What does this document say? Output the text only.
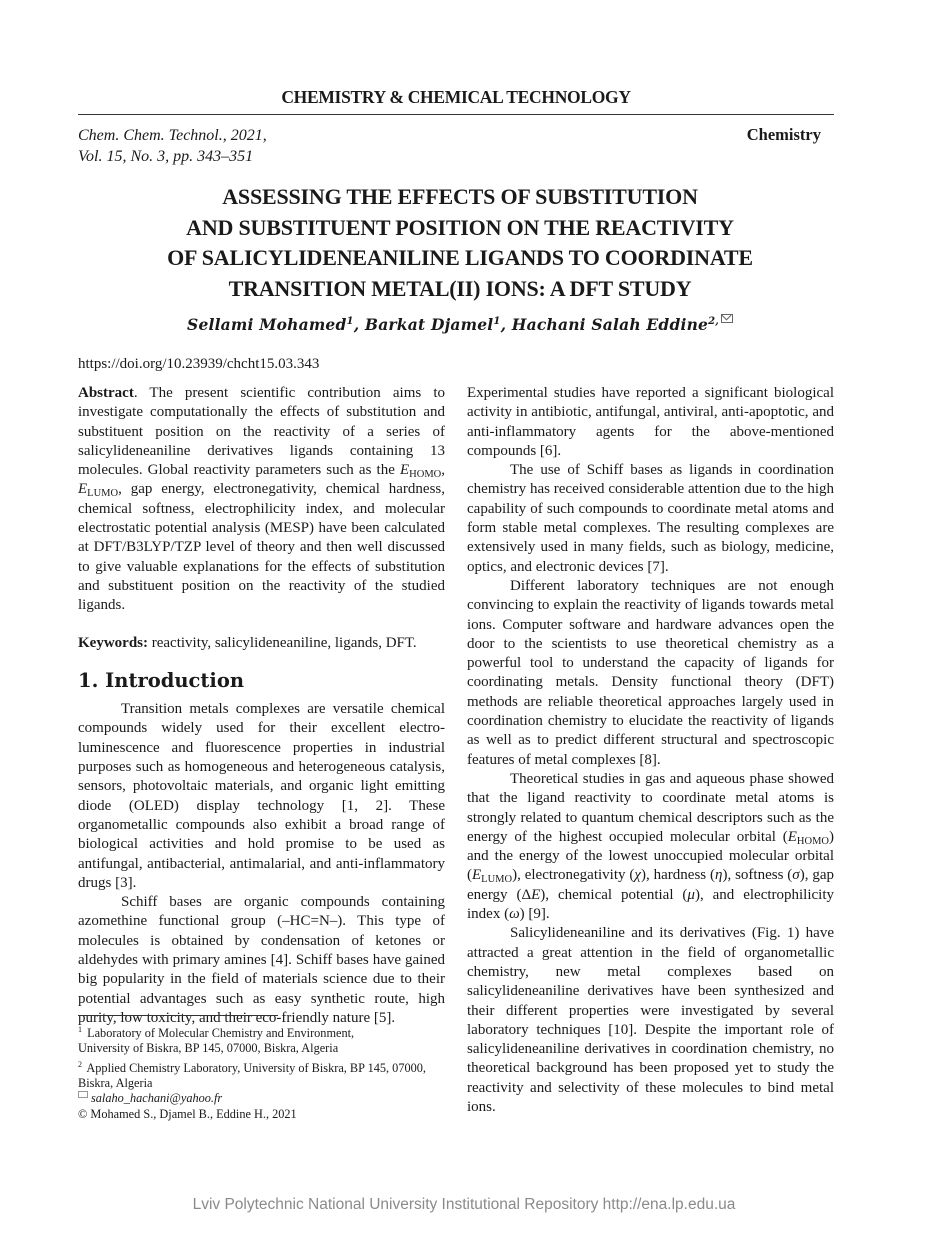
CHEMISTRY & CHEMICAL TECHNOLOGY
Chem. Chem. Technol., 2021,
Vol. 15, No. 3, pp. 343–351
Chemistry
ASSESSING THE EFFECTS OF SUBSTITUTION
AND SUBSTITUENT POSITION ON THE REACTIVITY
OF SALICYLIDENEANILINE LIGANDS TO COORDINATE
TRANSITION METAL(II) IONS: A DFT STUDY
Sellami Mohamed$^1$, Barkat Djamel$^1$, Hachani Salah Eddine$^{2,}$
https://doi.org/10.23939/chcht15.03.343

Abstract. The present scientific contribution aims to investigate computationally the effects of substitution and substituent position on the reactivity of a series of salicylideneaniline derivatives ligands containing 13 molecules. Global reactivity parameters such as the $E_{HOMO}$, $E_{LUMO}$, gap energy, electronegativity, chemical hardness, chemical softness, electrophilicity index, and molecular electrostatic potential analysis (MESP) have been calculated at DFT/B3LYP/TZP level of theory and then well discussed to give valuable explanations for the effects of substitution and substituent position on the reactivity of the studied ligands.

Keywords: reactivity, salicylideneaniline, ligands, DFT.

1. Introduction

Transition metals complexes are versatile chemical compounds widely used for their excellent electro-luminescence and fluorescence properties in industrial purposes such as homogeneous and heterogeneous catalysis, sensors, photovoltaic materials, and organic light emitting diode (OLED) display technology [1, 2]. These organometallic compounds also exhibit a broad range of biological activities and hold promise to be used as antifungal, antibacterial, antimalarial, and anti-inflammatory drugs [3].

Schiff bases are organic compounds containing azomethine functional group (–HC=N–). This type of molecules is obtained by condensation of ketones or aldehydes with primary amines [4]. Schiff bases have gained big popularity in the field of materials science due to their potential advantages such as easy synthetic route, high purity, low toxicity, and their eco-friendly nature [5].

$^1$ Laboratory of Molecular Chemistry and Environment,
University of Biskra, BP 145, 07000, Biskra, Algeria
$^2$ Applied Chemistry Laboratory, University of Biskra, BP 145, 07000,
Biskra, Algeria
salaho_hachani@yahoo.fr
© Mohamed S., Djamel B., Eddine H., 2021

Experimental studies have reported a significant biological activity in antibiotic, antifungal, antiviral, anti-apoptotic, and anti-inflammatory agents for the above-mentioned compounds [6].

The use of Schiff bases as ligands in coordination chemistry has received considerable attention due to the high capability of such compounds to coordinate metal atoms and form stable metal complexes. The resulting complexes are extensively used in many fields, such as biology, medicine, optics, and electronic devices [7].

Different laboratory techniques are not enough convincing to explain the reactivity of ligands towards metal ions. Computer software and hardware advances open the door to the scientists to use theoretical chemistry as a powerful tool to understand the capacity of ligands for coordinating metals. Density functional theory (DFT) methods are reliable theoretical approaches largely used in coordination chemistry to elucidate the reactivity of ligands as well as to predict different structural and spectroscopic features of metal complexes [8].

Theoretical studies in gas and aqueous phase showed that the ligand reactivity to coordinate metal atoms is strongly related to quantum chemical descriptors such as the energy of the highest occupied molecular orbital $(E_{HOMO})$ and the energy of the lowest unoccupied molecular orbital $(E_{LUMO})$, electronegativity (χ), hardness (η), softness (σ), gap energy (ΔE), chemical potential (μ), and electrophilicity index (ω) [9].

Salicylideneaniline and its derivatives (Fig. 1) have attracted a great attention in the field of organometallic chemistry, new metal complexes based on salicylideneaniline derivatives have been synthesized and their different properties were investigated by several laboratory techniques [10]. Despite the important role of salicylideneaniline derivatives in coordination chemistry, no theoretical background has been proposed yet to study the reactivity and selectivity of these molecules to bind metal ions.

Lviv Polytechnic National University Institutional Repository http://ena.lp.edu.ua
